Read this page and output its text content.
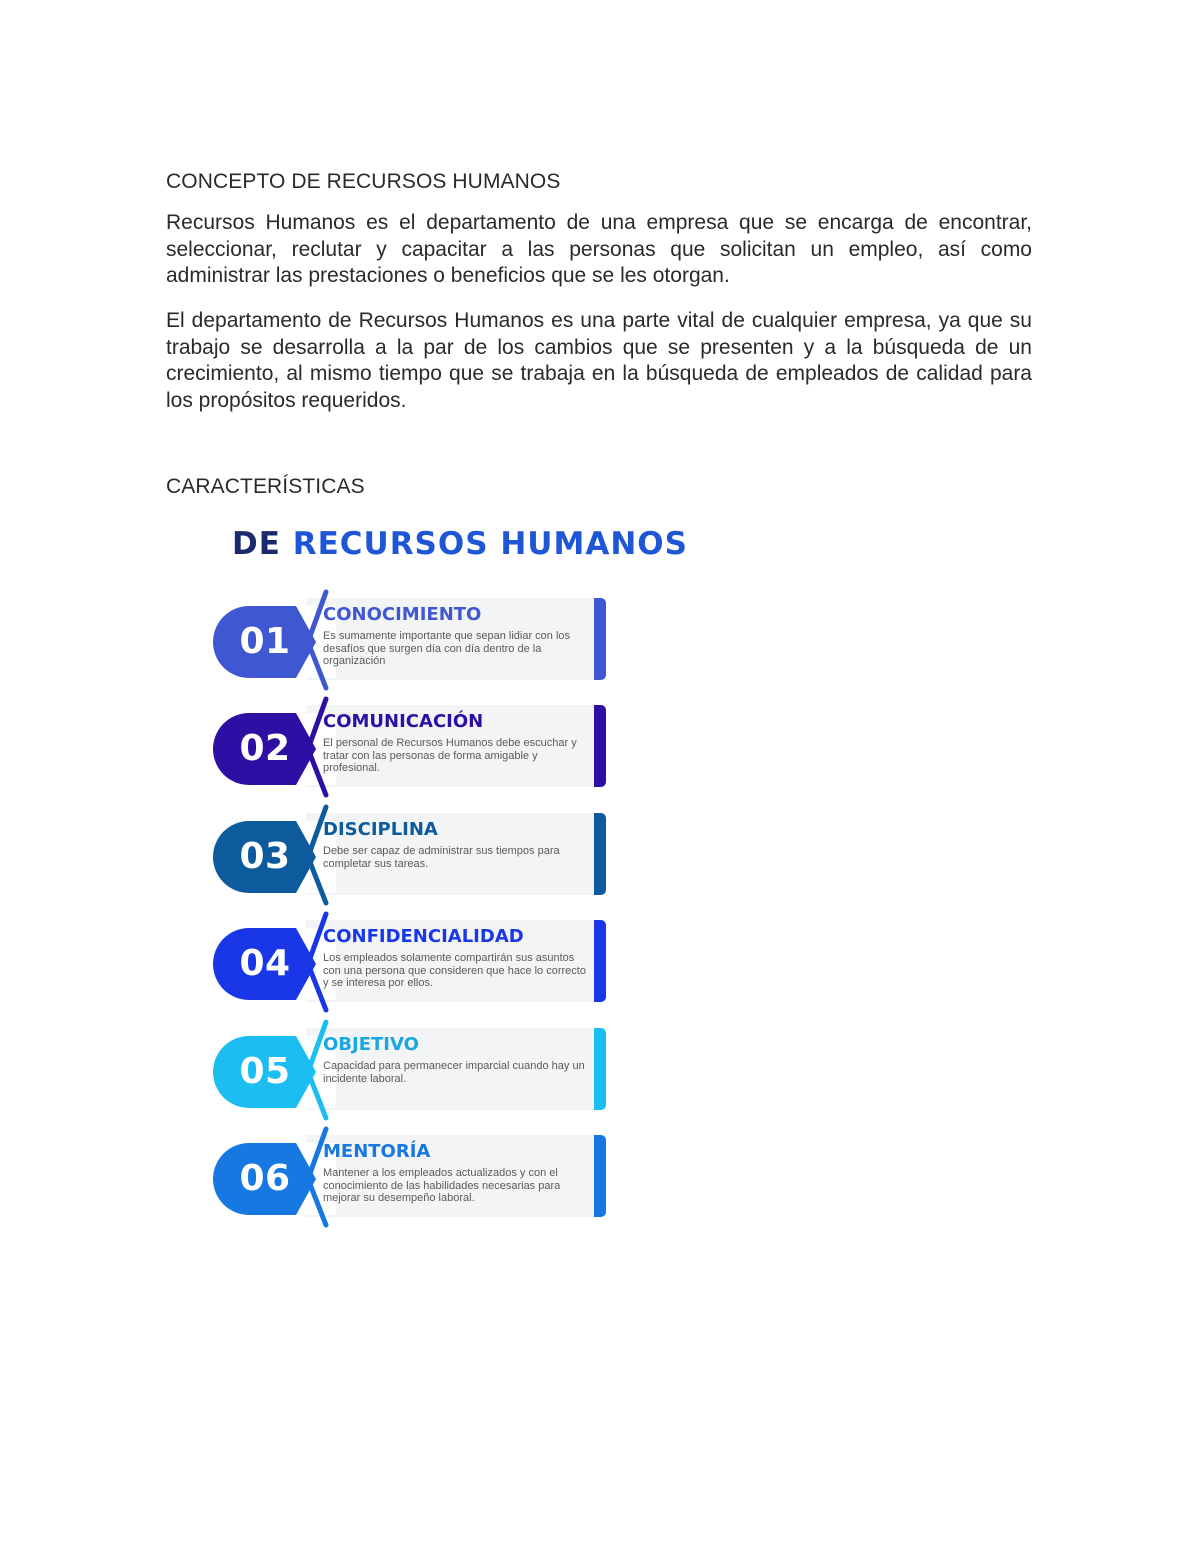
CONCEPTO DE RECURSOS HUMANOS

Recursos Humanos es el departamento de una empresa que se encarga de encontrar, seleccionar, reclutar y capacitar a las personas que solicitan un empleo, así como administrar las prestaciones o beneficios que se les otorgan.

El departamento de Recursos Humanos es una parte vital de cualquier empresa, ya que su trabajo se desarrolla a la par de los cambios que se presenten y a la búsqueda de un crecimiento, al mismo tiempo que se trabaja en la búsqueda de empleados de calidad para los propósitos requeridos.

CARACTERÍSTICAS
DE RECURSOS HUMANOS
01
CONOCIMIENTO
Es sumamente importante que sepan lidiar con los desafíos que surgen día con día dentro de la organización
02
COMUNICACIÓN
El personal de Recursos Humanos debe escuchar y tratar con las personas de forma amigable y profesional.
03
DISCIPLINA
Debe ser capaz de administrar sus tiempos para completar sus tareas.
04
CONFIDENCIALIDAD
Los empleados solamente compartirán sus asuntos con una persona que consideren que hace lo correcto y se interesa por ellos.
05
OBJETIVO
Capacidad para permanecer imparcial cuando hay un incidente laboral.
06
MENTORÍA
Mantener a los empleados actualizados y con el conocimiento de las habilidades necesarias para mejorar su desempeño laboral.
